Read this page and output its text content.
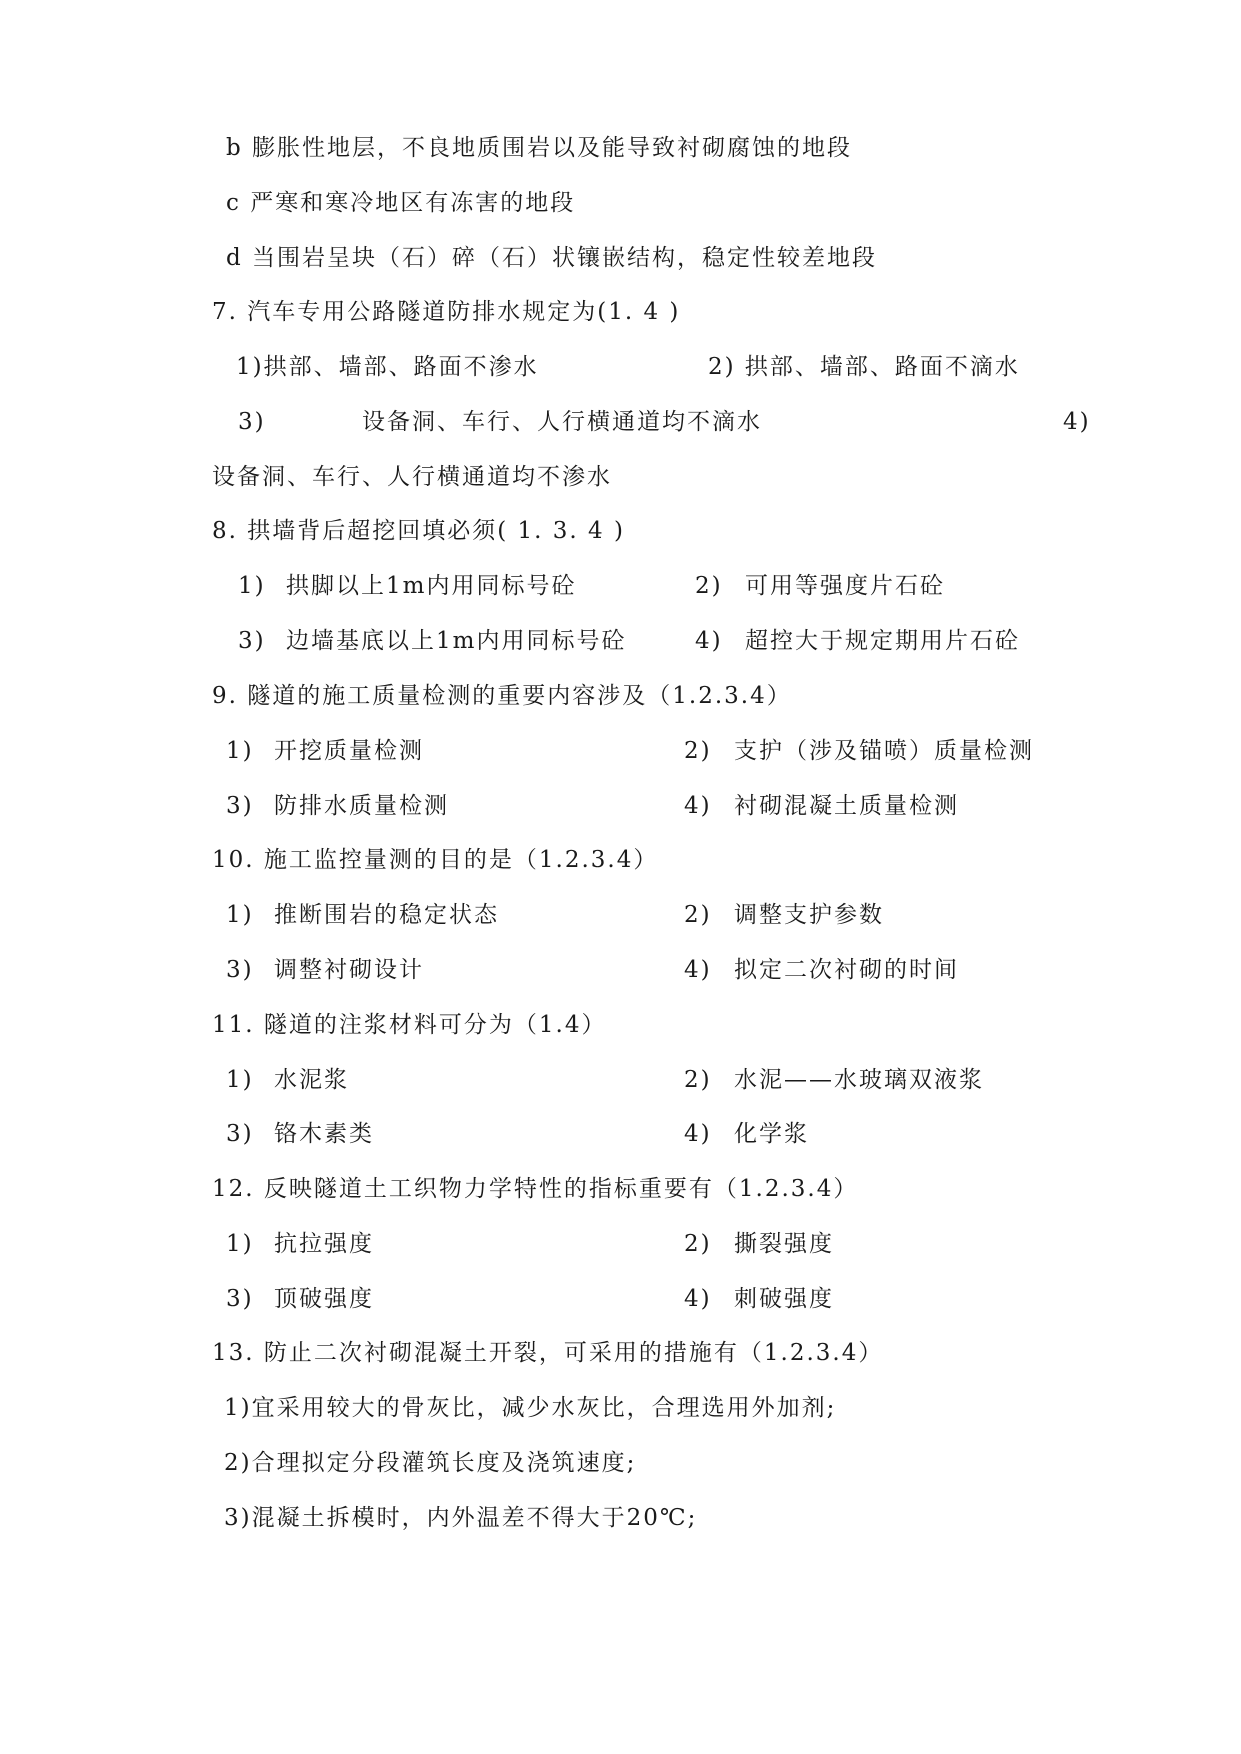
b 膨胀性地层，不良地质围岩以及能导致衬砌腐蚀的地段
c 严寒和寒冷地区有冻害的地段
d 当围岩呈块（石）碎（石）状镶嵌结构，稳定性较差地段
7. 汽车专用公路隧道防排水规定为(1. 4 )
1)拱部、墙部、路面不渗水	2) 拱部、墙部、路面不滴水
3)	设备洞、车行、人行横通道均不滴水	4)
设备洞、车行、人行横通道均不渗水
8. 拱墙背后超挖回填必须( 1. 3. 4 )
1) 拱脚以上1m内用同标号砼	2) 可用等强度片石砼
3) 边墙基底以上1m内用同标号砼	4) 超控大于规定期用片石砼
9. 隧道的施工质量检测的重要内容涉及（1.2.3.4）
1) 开挖质量检测	2) 支护（涉及锚喷）质量检测
3) 防排水质量检测	4) 衬砌混凝土质量检测
10. 施工监控量测的目的是（1.2.3.4）
1) 推断围岩的稳定状态	2) 调整支护参数
3) 调整衬砌设计	4) 拟定二次衬砌的时间
11. 隧道的注浆材料可分为（1.4）
1) 水泥浆	2) 水泥——水玻璃双液浆
3) 铬木素类	4) 化学浆
12. 反映隧道土工织物力学特性的指标重要有（1.2.3.4）
1) 抗拉强度	2) 撕裂强度
3) 顶破强度	4) 刺破强度
13. 防止二次衬砌混凝土开裂，可采用的措施有（1.2.3.4）
1)宜采用较大的骨灰比，减少水灰比，合理选用外加剂;
2)合理拟定分段灌筑长度及浇筑速度;
3)混凝土拆模时，内外温差不得大于20℃;
